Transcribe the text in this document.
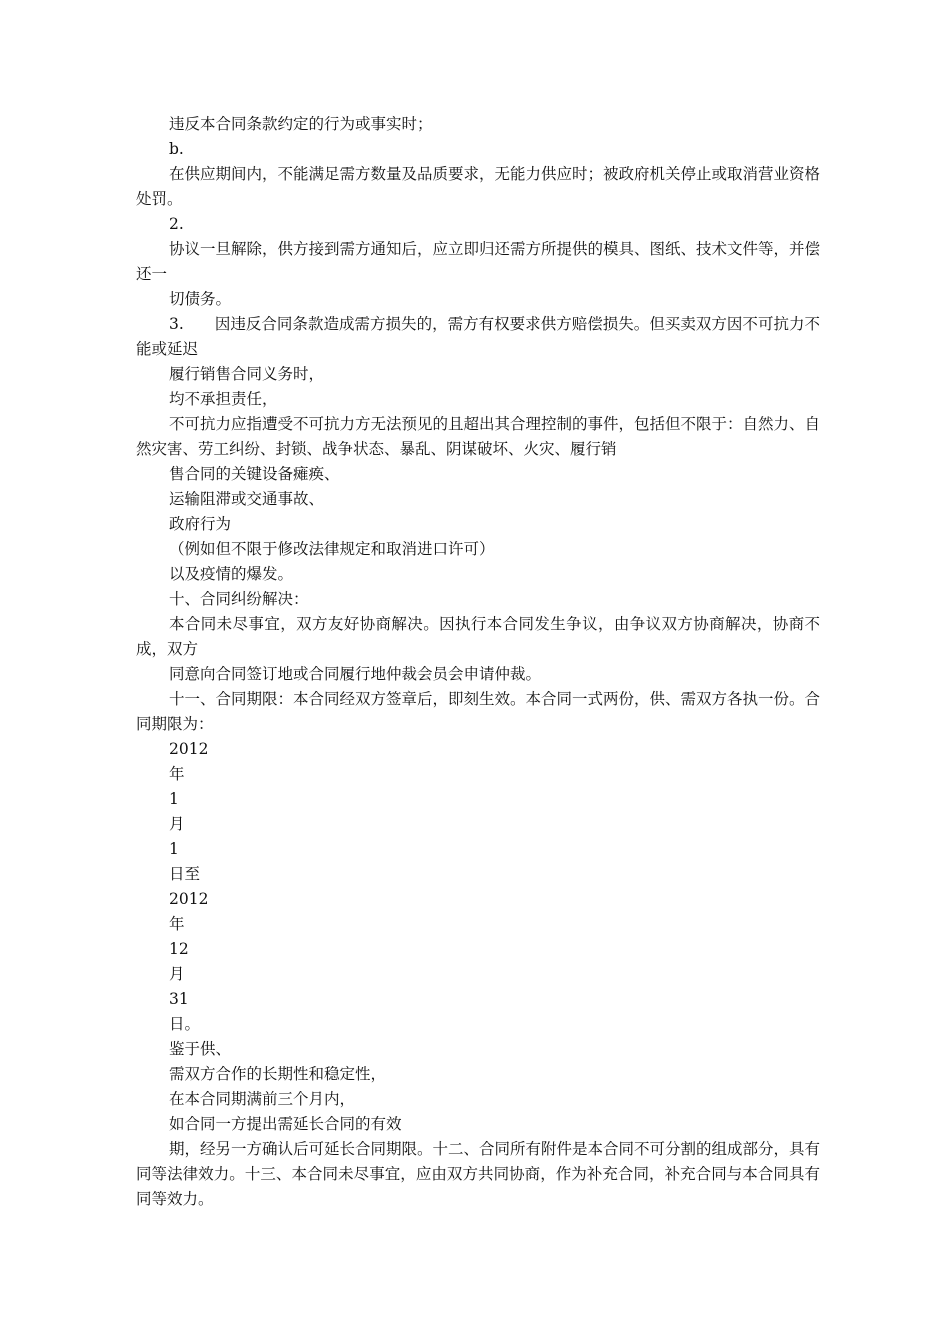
违反本合同条款约定的行为或事实时；

b.

在供应期间内，不能满足需方数量及品质要求，无能力供应时；被政府机关停止或取消营业资格处罚。

2.

协议一旦解除，供方接到需方通知后，应立即归还需方所提供的模具、图纸、技术文件等，并偿还一

切债务。

3.　　因违反合同条款造成需方损失的，需方有权要求供方赔偿损失。但买卖双方因不可抗力不能或延迟

履行销售合同义务时，

均不承担责任，

不可抗力应指遭受不可抗力方无法预见的且超出其合理控制的事件，包括但不限于：自然力、自然灾害、劳工纠纷、封锁、战争状态、暴乱、阴谋破坏、火灾、履行销

售合同的关键设备瘫痪、

运输阻滞或交通事故、

政府行为

（例如但不限于修改法律规定和取消进口许可）

以及疫情的爆发。

十、合同纠纷解决：

本合同未尽事宜，双方友好协商解决。因执行本合同发生争议，由争议双方协商解决，协商不成，双方

同意向合同签订地或合同履行地仲裁会员会申请仲裁。

十一、合同期限：本合同经双方签章后，即刻生效。本合同一式两份，供、需双方各执一份。合同期限为：

2012

年

1

月

1

日至

2012

年

12

月

31

日。

鉴于供、

需双方合作的长期性和稳定性，

在本合同期满前三个月内，

如合同一方提出需延长合同的有效

期，经另一方确认后可延长合同期限。十二、合同所有附件是本合同不可分割的组成部分，具有同等法律效力。十三、本合同未尽事宜，应由双方共同协商，作为补充合同，补充合同与本合同具有同等效力。
